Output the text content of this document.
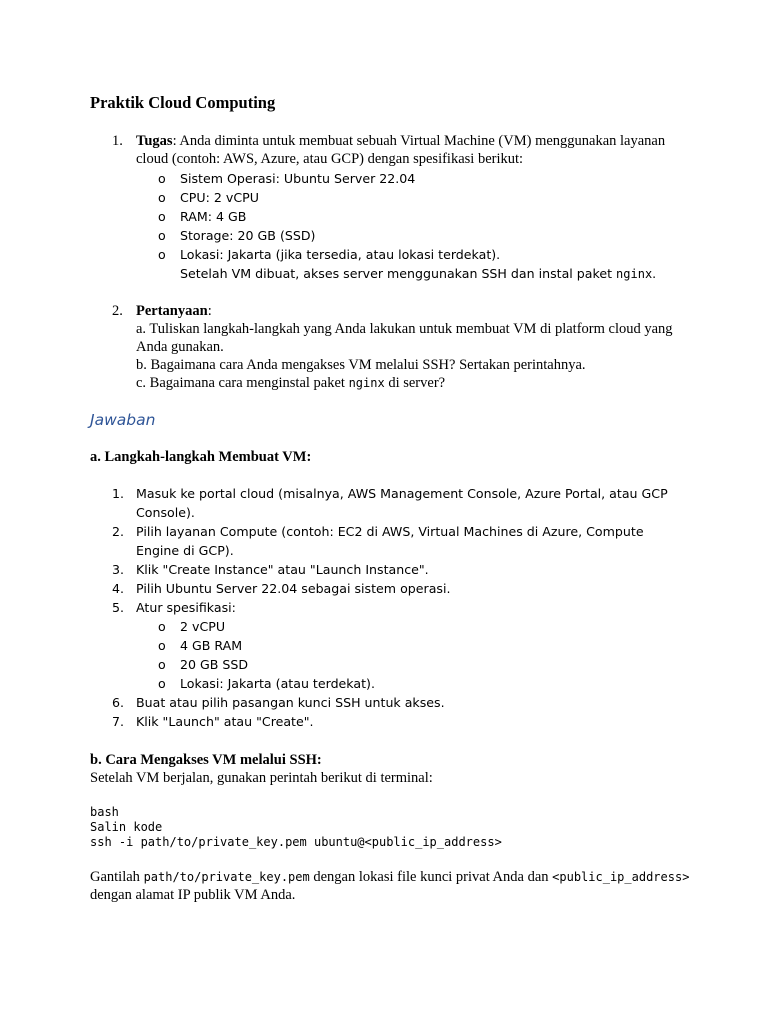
Praktik Cloud Computing
1. Tugas: Anda diminta untuk membuat sebuah Virtual Machine (VM) menggunakan layanan cloud (contoh: AWS, Azure, atau GCP) dengan spesifikasi berikut:
o Sistem Operasi: Ubuntu Server 22.04
o CPU: 2 vCPU
o RAM: 4 GB
o Storage: 20 GB (SSD)
o Lokasi: Jakarta (jika tersedia, atau lokasi terdekat).
Setelah VM dibuat, akses server menggunakan SSH dan instal paket nginx.
2. Pertanyaan:
a. Tuliskan langkah-langkah yang Anda lakukan untuk membuat VM di platform cloud yang Anda gunakan.
b. Bagaimana cara Anda mengakses VM melalui SSH? Sertakan perintahnya.
c. Bagaimana cara menginstal paket nginx di server?
Jawaban
a. Langkah-langkah Membuat VM:
1. Masuk ke portal cloud (misalnya, AWS Management Console, Azure Portal, atau GCP Console).
2. Pilih layanan Compute (contoh: EC2 di AWS, Virtual Machines di Azure, Compute Engine di GCP).
3. Klik "Create Instance" atau "Launch Instance".
4. Pilih Ubuntu Server 22.04 sebagai sistem operasi.
5. Atur spesifikasi:
o 2 vCPU
o 4 GB RAM
o 20 GB SSD
o Lokasi: Jakarta (atau terdekat).
6. Buat atau pilih pasangan kunci SSH untuk akses.
7. Klik "Launch" atau "Create".
b. Cara Mengakses VM melalui SSH:
Setelah VM berjalan, gunakan perintah berikut di terminal:
bash
Salin kode
ssh -i path/to/private_key.pem ubuntu@<public_ip_address>
Gantilah path/to/private_key.pem dengan lokasi file kunci privat Anda dan <public_ip_address> dengan alamat IP publik VM Anda.
